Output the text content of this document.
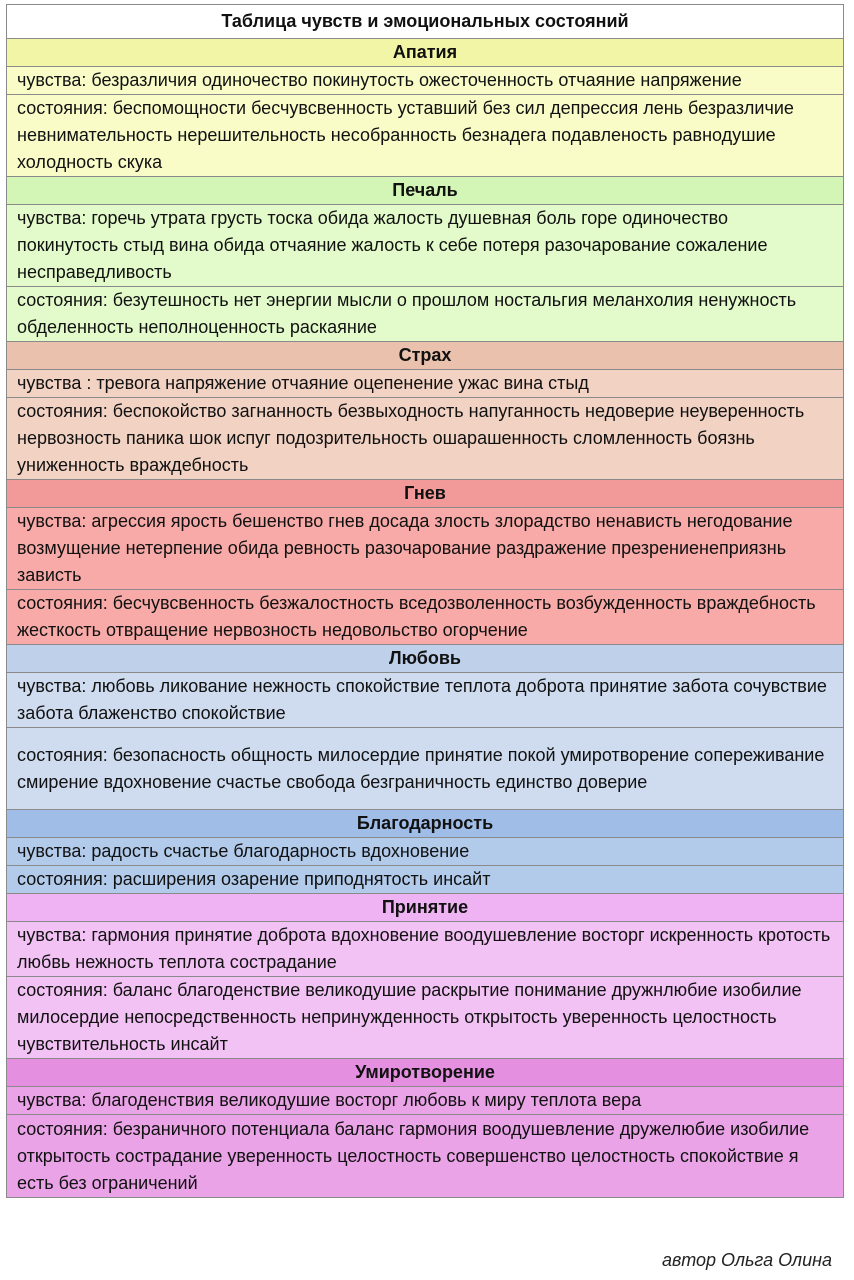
Таблица чувств и эмоциональных состояний
Апатия
чувства: безразличия одиночество покинутость ожесточенность отчаяние напряжение
состояния: беспомощности бесчувсвенность уставший без сил депрессия лень безразличие невнимательность нерешительность несобранность безнадега подавленость равнодушие холодность скука
Печаль
чувства: горечь утрата грусть тоска обида жалость душевная боль горе одиночество покинутость стыд вина обида отчаяние жалость к себе потеря разочарование сожаление несправедливость
состояния: безутешность нет энергии мысли о прошлом ностальгия меланхолия ненужность обделенность неполноценность раскаяние
Страх
чувства : тревога напряжение отчаяние оцепенение ужас вина стыд
состояния: беспокойство загнанность безвыходность напуганность недоверие неуверенность нервозность паника шок испуг подозрительность ошарашенность сломленность боязнь униженность враждебность
Гнев
чувства: агрессия ярость бешенство гнев досада злость злорадство ненависть негодование возмущение нетерпение обида ревность разочарование раздражение презрениенеприязнь зависть
состояния: бесчувсвенность безжалостность вседозволенность возбужденность враждебность жесткость отвращение нервозность недовольство огорчение
Любовь
чувства: любовь ликование нежность спокойствие теплота доброта принятие забота сочувствие забота блаженство спокойствие
состояния: безопасность общность милосердие принятие покой умиротворение сопереживание смирение вдохновение счастье свобода безграничность единство доверие
Благодарность
чувства: радость счастье благодарность вдохновение
состояния: расширения озарение приподнятость инсайт
Принятие
чувства: гармония принятие доброта вдохновение воодушевление восторг искренность кротость любвь нежность теплота сострадание
состояния: баланс благоденствие великодушие раскрытие понимание дружнлюбие изобилие милосердие непосредственность непринужденность открытость уверенность целостность чувствительность инсайт
Умиротворение
чувства: благоденствия великодушие восторг любовь к миру теплота вера
состояния: безраничного потенциала баланс гармония воодушевление дружелюбие изобилие открытость сострадание уверенность целостность совершенство целостность спокойствие я есть без ограничений
автор Ольга Олина
